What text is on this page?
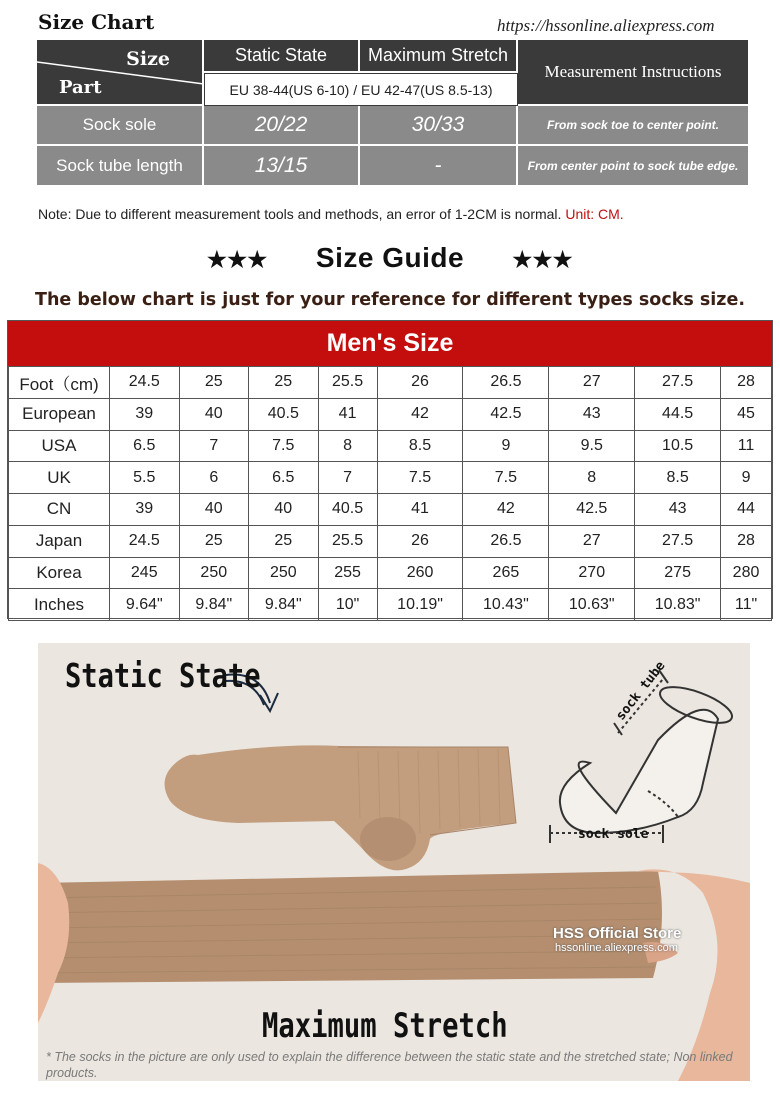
Size Chart	https://hssonline.aliexpress.com
Size
Part
Static State	Maximum Stretch
EU 38-44(US 6-10) / EU 42-47(US 8.5-13)
Measurement Instructions
Sock sole	20/22	30/33	From sock toe to center point.
Sock tube length	13/15	-	From center point to sock tube edge.
Note: Due to different measurement tools and methods, an error of 1-2CM is normal. Unit: CM.
★★★ Size Guide ★★★
The below chart is just for your reference for different types socks size.
Men's Size
Foot（cm)	24.5	25	25	25.5	26	26.5	27	27.5	28
European	39	40	40.5	41	42	42.5	43	44.5	45
USA	6.5	7	7.5	8	8.5	9	9.5	10.5	11
UK	5.5	6	6.5	7	7.5	7.5	8	8.5	9
CN	39	40	40	40.5	41	42	42.5	43	44
Japan	24.5	25	25	25.5	26	26.5	27	27.5	28
Korea	245	250	250	255	260	265	270	275	280
Inches	9.64"	9.84"	9.84"	10"	10.19"	10.43"	10.63"	10.83"	11"
sock tube
sock sole
Static State
Maximum Stretch
HSS Official Store
hssonline.aliexpress.com
* The socks in the picture are only used to explain the difference between the static state and the stretched state; Non linked products.
